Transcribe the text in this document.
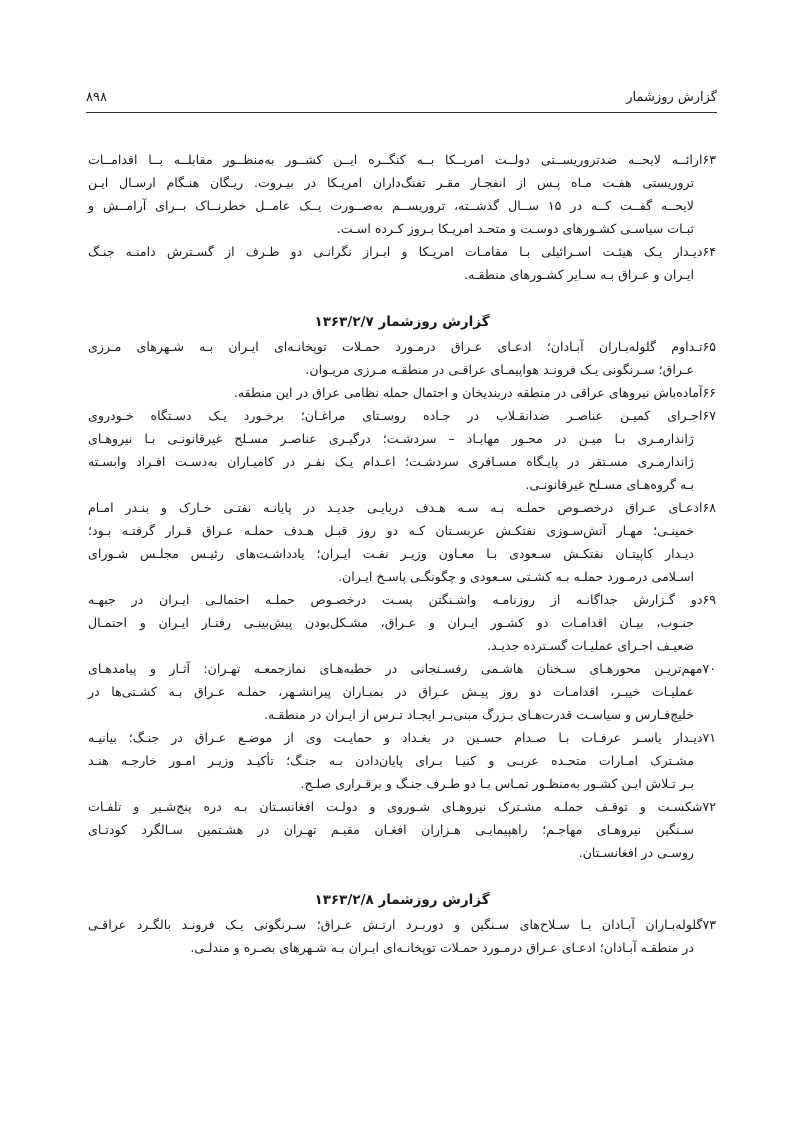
گزارش روزشمار
۸۹۸
۶۳ارائــه لایحــه ضدتروریســتی دولــت امریــکا بــه کنگــره ایــن کشــور به‌منظــور مقابلــه بــا اقدامــات
تروریستی هفـت مـاه پـس از انفجـار مقـر تفنگ‌داران امریـکا در بیـروت. ریـگان هنـگام ارسـال ایـن
لایحــه گفــت کــه در ۱۵ ســال گذشــته، تروریســم به‌صــورت یــک عامــل خطرنــاک بــرای آرامــش و
ثبـات سیاسـی کشـورهای دوسـت و متحـد امریـکا بـروز کـرده اسـت.
۶۴دیـدار یـک هیئـت اسـرائیلی بـا مقامـات امریـکا و ابـراز نگرانـی دو طـرف از گسـترش دامنـه جنـگ
ایـران و عـراق بـه سـایر کشـورهای منطقـه.
گزارش روزشمار ۱۳۶۳/۲/۷
۶۵تـداوم گلوله‌بـاران آبـادان؛ ادعـای عـراق درمـورد حمـلات توپخانـه‌ای ایـران بـه شـهرهای مـرزی
عـراق؛ سـرنگونی یـک فرونـد هواپیمـای عراقـی در منطقـه مـرزی مریـوان.
۶۶آماده‌باش نیروهای عراقی در منطقه دربندیخان و احتمال حمله نظامی عراق در این منطقه.
۶۷اجـرای کمیـن عناصـر ضدانقـلاب در جـاده روسـتای مراغـان؛ برخـورد یـک دسـتگاه خـودروی
ژاندارمـری بـا میـن در محـور مهابـاد – سردشـت؛ درگیـری عناصـر مسـلح غیرقانونـی بـا نیروهـای
ژاندارمـری مسـتقر در پایـگاه مسـافری سردشـت؛ اعـدام یـک نفـر در کامیـاران به‌دسـت افـراد وابسـته
بـه گروه‌هـای مسـلح غیرقانونـی.
۶۸ادعـای عـراق درخصـوص حملـه بـه سـه هـدف دریایـی جدیـد در پایانـه نفتـی خـارک و بنـدر امـام
خمینـی؛ مهـار آتش‌سـوزی نفتکـش عربسـتان کـه دو روز قبـل هـدف حملـه عـراق قـرار گرفتـه بـود؛
دیـدار کاپیتـان نفتکـش سـعودی بـا معـاون وزیـر نفـت ایـران؛ یادداشـت‌های رئیـس مجلـس شـورای
اسـلامی درمـورد حملـه بـه کشـتی سـعودی و چگونگـی پاسـخ ایـران.
۶۹دو گـزارش جداگانـه از روزنامـه واشـنگتن پسـت درخصـوص حملـه احتمالـی ایـران در جبهـه
جنـوب، بیـان اقدامـات دو کشـور ایـران و عـراق، مشـکل‌بودن پیش‌بینـی رفتـار ایـران و احتمـال
ضعیـف اجـرای عملیـات گسـترده جدیـد.
۷۰مهم‌تریـن محورهـای سـخنان هاشـمی رفسـنجانی در خطبه‌هـای نمازجمعـه تهـران: آثـار و پیامدهـای
عملیـات خیبـر، اقدامـات دو روز پیـش عـراق در بمبـاران پیرانشـهر، حملـه عـراق بـه کشـتی‌ها در
خلیج‌فـارس و سیاسـت قدرت‌هـای بـزرگ مبنی‌بـر ایجـاد تـرس از ایـران در منطقـه.
۷۱دیـدار یاسـر عرفـات بـا صـدام حسـین در بغـداد و حمایـت وی از موضـع عـراق در جنـگ؛ بیانیـه
مشـترک امـارات متحـده عربـی و کنیـا بـرای پایان‌دادن بـه جنـگ؛ تأکیـد وزیـر امـور خارجـه هنـد
بـر تـلاش ایـن کشـور به‌منظـور تمـاس بـا دو طـرف جنـگ و برقـراری صلـح.
۷۲شکسـت و توقـف حملـه مشـترک نیروهـای شـوروی و دولـت افغانسـتان بـه دره پنج‌شـیر و تلفـات
سـنگین نیروهـای مهاجـم؛ راهپیمایـی هـزاران افغـان مقیـم تهـران در هشـتمین سـالگرد کودتـای
روسـی در افغانسـتان.
گزارش روزشمار ۱۳۶۳/۲/۸
۷۳گلوله‌بـاران آبـادان بـا سـلاح‌های سـنگین و دوربـرد ارتـش عـراق؛ سـرنگونی یـک فرونـد بالگـرد عراقـی
در منطقـه آبـادان؛ ادعـای عـراق درمـورد حمـلات توپخانـه‌ای ایـران بـه شـهرهای بصـره و مندلـی.
